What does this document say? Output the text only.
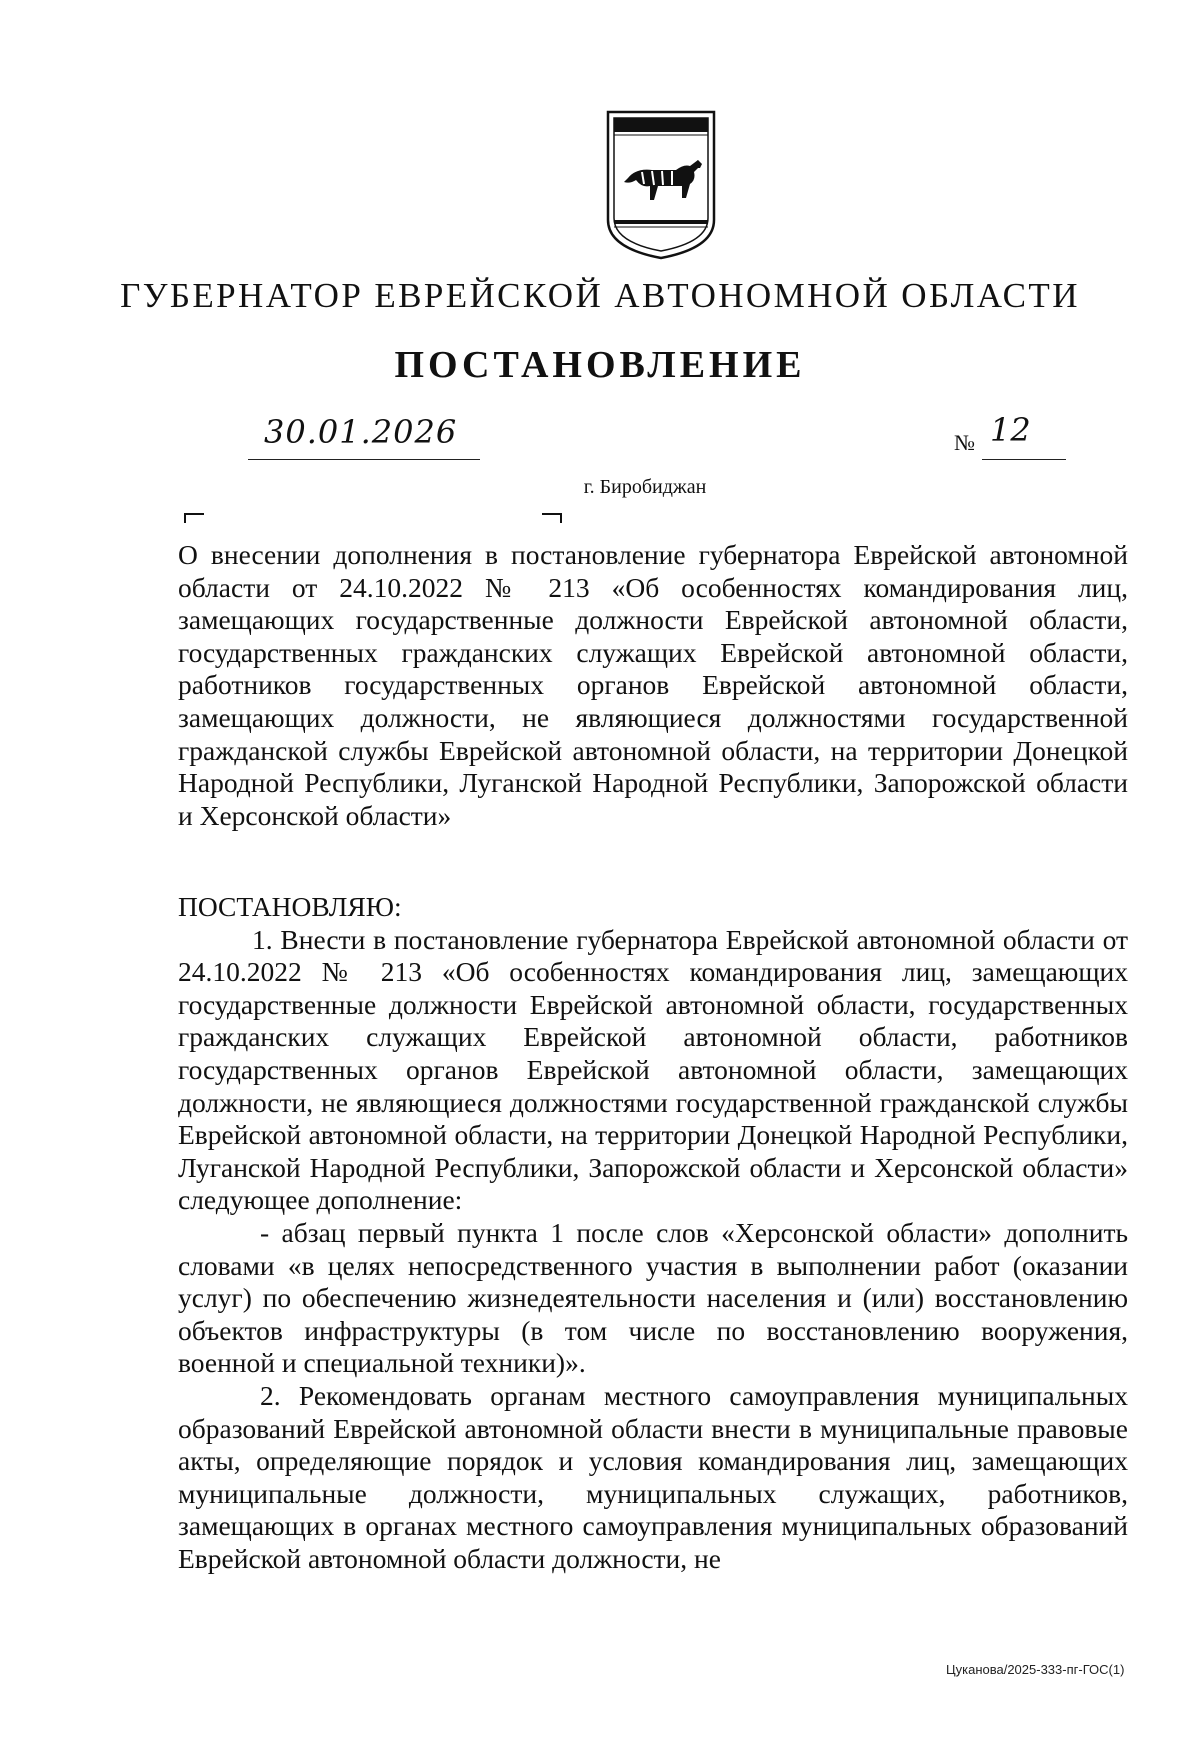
ГУБЕРНАТОР ЕВРЕЙСКОЙ АВТОНОМНОЙ ОБЛАСТИ
ПОСТАНОВЛЕНИЕ
30.01.2026	№ 12
г. Биробиджан
О внесении дополнения в постановление губернатора Еврейской автономной области от 24.10.2022 № 213 «Об особенностях командирования лиц, замещающих государственные должности Еврейской автономной области, государственных гражданских служащих Еврейской автономной области, работников государственных органов Еврейской автономной области, замещающих должности, не являющиеся должностями государственной гражданской службы Еврейской автономной области, на территории Донецкой Народной Республики, Луганской Народной Республики, Запорожской области и Херсонской области»

ПОСТАНОВЛЯЮ:

1. Внести в постановление губернатора Еврейской автономной области от 24.10.2022 № 213 «Об особенностях командирования лиц, замещающих государственные должности Еврейской автономной области, государственных гражданских служащих Еврейской автономной области, работников государственных органов Еврейской автономной области, замещающих должности, не являющиеся должностями государственной гражданской службы Еврейской автономной области, на территории Донецкой Народной Республики, Луганской Народной Республики, Запорожской области и Херсонской области» следующее дополнение:

- абзац первый пункта 1 после слов «Херсонской области» дополнить словами «в целях непосредственного участия в выполнении работ (оказании услуг) по обеспечению жизнедеятельности населения и (или) восстановлению объектов инфраструктуры (в том числе по восстановлению вооружения, военной и специальной техники)».

2. Рекомендовать органам местного самоуправления муниципальных образований Еврейской автономной области внести в муниципальные правовые акты, определяющие порядок и условия командирования лиц, замещающих муниципальные должности, муниципальных служащих, работников, замещающих в органах местного самоуправления муниципальных образований Еврейской автономной области должности, не

Цуканова/2025-333-пг-ГОС(1)
